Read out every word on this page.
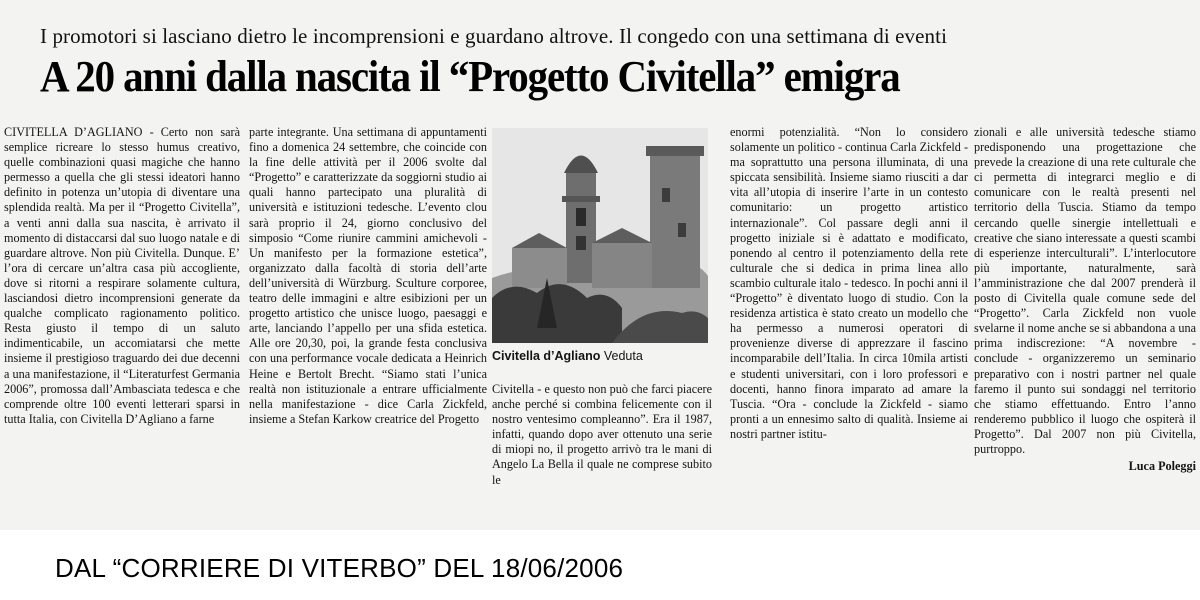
I promotori si lasciano dietro le incomprensioni e guardano altrove. Il congedo con una settimana di eventi
A 20 anni dalla nascita il “Progetto Civitella” emigra

CIVITELLA D’AGLIANO - Certo non sarà semplice ricreare lo stesso humus creativo, quelle combinazioni quasi magiche che hanno permesso a quella che gli stessi ideatori hanno definito in potenza un’utopia di diventare una splendida realtà. Ma per il “Progetto Civitella”, a venti anni dalla sua nascita, è arrivato il momento di distaccarsi dal suo luogo natale e di guardare altrove. Non più Civitella. Dunque. E’ l’ora di cercare un’altra casa più accogliente, dove si ritorni a respirare solamente cultura, lasciandosi dietro incomprensioni generate da qualche complicato ragionamento politico. Resta giusto il tempo di un saluto indimenticabile, un accomiatarsi che mette insieme il prestigioso traguardo dei due decenni a una manifestazione, il “Literaturfest Germania 2006”, promossa dall’Ambasciata tedesca e che comprende oltre 100 eventi letterari sparsi in tutta Italia, con Civitella D’Agliano a farne

parte integrante. Una settimana di appuntamenti fino a domenica 24 settembre, che coincide con la fine delle attività per il 2006 svolte dal “Progetto” e caratterizzate da soggiorni studio ai quali hanno partecipato una pluralità di università e istituzioni tedesche. L’evento clou sarà proprio il 24, giorno conclusivo del simposio “Come riunire cammini amichevoli - Un manifesto per la formazione estetica”, organizzato dalla facoltà di storia dell’arte dell’università di Würzburg. Sculture corporee, teatro delle immagini e altre esibizioni per un progetto artistico che unisce luogo, paesaggi e arte, lanciando l’appello per una sfida estetica. Alle ore 20,30, poi, la grande festa conclusiva con una performance vocale dedicata a Heinrich Heine e Bertolt Brecht. “Siamo stati l’unica realtà non istituzionale a entrare ufficialmente nella manifestazione - dice Carla Zickfeld, insieme a Stefan Karkow creatrice del Progetto

Civitella d’Agliano Veduta

Civitella - e questo non può che farci piacere anche perché si combina felicemente con il nostro ventesimo compleanno”. Era il 1987, infatti, quando dopo aver ottenuto una serie di miopi no, il progetto arrivò tra le mani di Angelo La Bella il quale ne comprese subito le

enormi potenzialità. “Non lo considero solamente un politico - continua Carla Zickfeld - ma soprattutto una persona illuminata, di una spiccata sensibilità. Insieme siamo riusciti a dar vita all’utopia di inserire l’arte in un contesto comunitario: un progetto artistico internazionale”. Col passare degli anni il progetto iniziale si è adattato e modificato, ponendo al centro il potenziamento della rete culturale che si dedica in prima linea allo scambio culturale italo - tedesco. In pochi anni il “Progetto” è diventato luogo di studio. Con la residenza artistica è stato creato un modello che ha permesso a numerosi operatori di provenienze diverse di apprezzare il fascino incomparabile dell’Italia. In circa 10mila artisti e studenti universitari, con i loro professori e docenti, hanno finora imparato ad amare la Tuscia. “Ora - conclude la Zickfeld - siamo pronti a un ennesimo salto di qualità. Insieme ai nostri partner istitu-

zionali e alle università tedesche stiamo predisponendo una progettazione che prevede la creazione di una rete culturale che ci permetta di integrarci meglio e di comunicare con le realtà presenti nel territorio della Tuscia. Stiamo da tempo cercando quelle sinergie intellettuali e creative che siano interessate a questi scambi di esperienze interculturali”. L’interlocutore più importante, naturalmente, sarà l’amministrazione che dal 2007 prenderà il posto di Civitella quale comune sede del “Progetto”. Carla Zickfeld non vuole svelarne il nome anche se si abbandona a una prima indiscrezione: “A novembre - conclude - organizzeremo un seminario preparativo con i nostri partner nel quale faremo il punto sui sondaggi nel territorio che stiamo effettuando. Entro l’anno renderemo pubblico il luogo che ospiterà il Progetto”. Dal 2007 non più Civitella, purtroppo.

Luca Poleggi
DAL “CORRIERE DI VITERBO” DEL 18/06/2006
